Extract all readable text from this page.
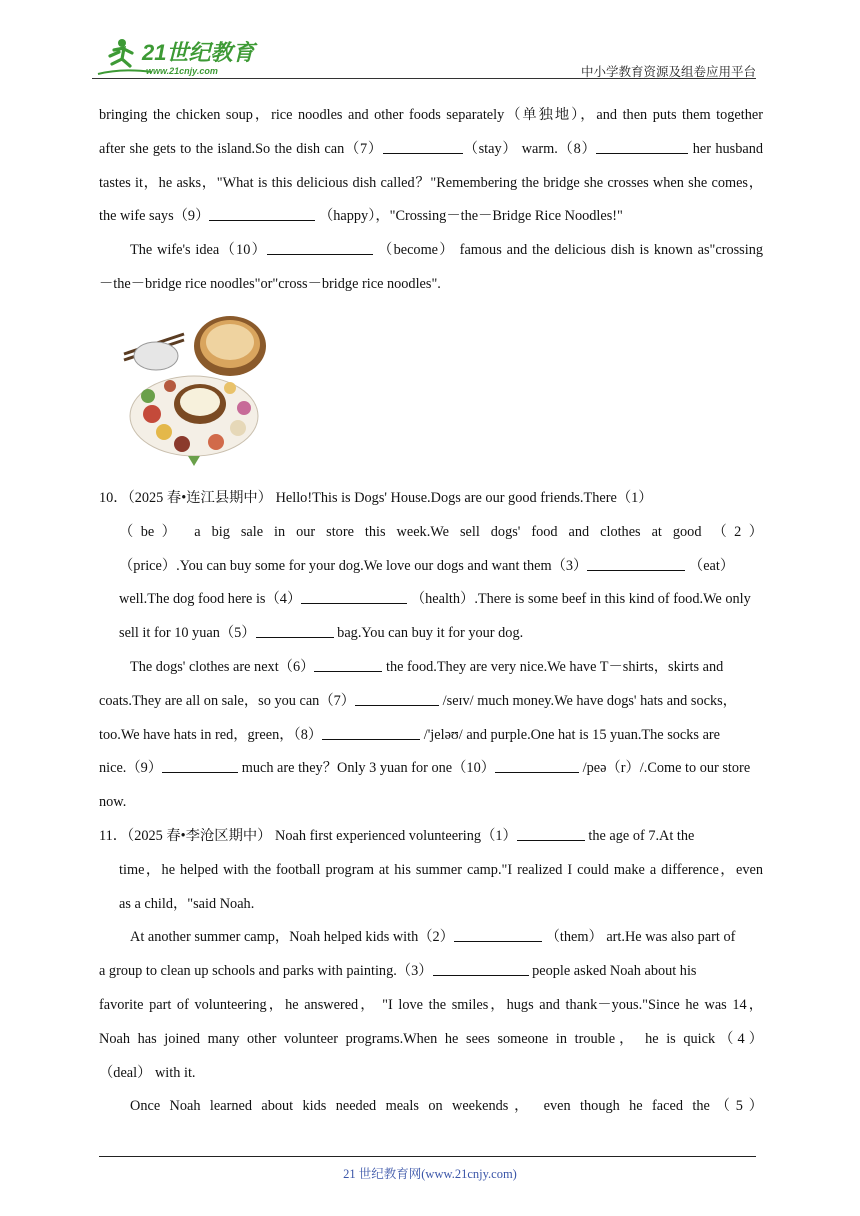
21世纪教育
www.21cnjy.com	中小学教育资源及组卷应用平台
bringing the chicken soup，rice noodles and other foods separately（单独地），and then puts them together
after she gets to the island.So the dish can（7）	（stay） warm.（8）	her husband
tastes it，he asks，"What is this delicious dish called？"Remembering the bridge she crosses when she comes，
the wife says（9）	（happy），"Crossing－the－Bridge Rice Noodles!"
The wife's idea（10）	（become） famous and the delicious dish is known as"crossing
－the－bridge rice noodles"or"cross－bridge rice noodles".
10．（2025 春•连江县期中） Hello!This is Dogs' House.Dogs are our good friends.There（1）
（be） a big sale in our store this week.We sell dogs' food and clothes at good （2）
（price）.You can buy some for your dog.We love our dogs and want them（3）	（eat）
well.The dog food here is（4）	（health）.There is some beef in this kind of food.We only
sell it for 10 yuan（5）	bag.You can buy it for your dog.
The dogs' clothes are next（6）	the food.They are very nice.We have T－shirts，skirts and
coats.They are all on sale，so you can（7）	/seɪv/ much money.We have dogs' hats and socks，
too.We have hats in red，green，（8）	/'jeləʊ/ and purple.One hat is 15 yuan.The socks are
nice.（9）	much are they？Only 3 yuan for one（10）	/peə（r）/.Come to our store
now.
11．（2025 春•李沧区期中） Noah first experienced volunteering（1）	the age of 7.At the
time，he helped with the football program at his summer camp."I realized I could make a difference，even
as a child，"said Noah.
At another summer camp，Noah helped kids with（2）	（them） art.He was also part of
a group to clean up schools and parks with painting.（3）	people asked Noah about his
favorite part of volunteering，he answered， "I love the smiles，hugs and thank－yous."Since he was 14，
Noah has joined many other volunteer programs.When he sees someone in trouble， he is quick（4）
（deal） with it.
Once Noah learned about kids needed meals on weekends， even though he faced the（5）
21 世纪教育网(www.21cnjy.com)
